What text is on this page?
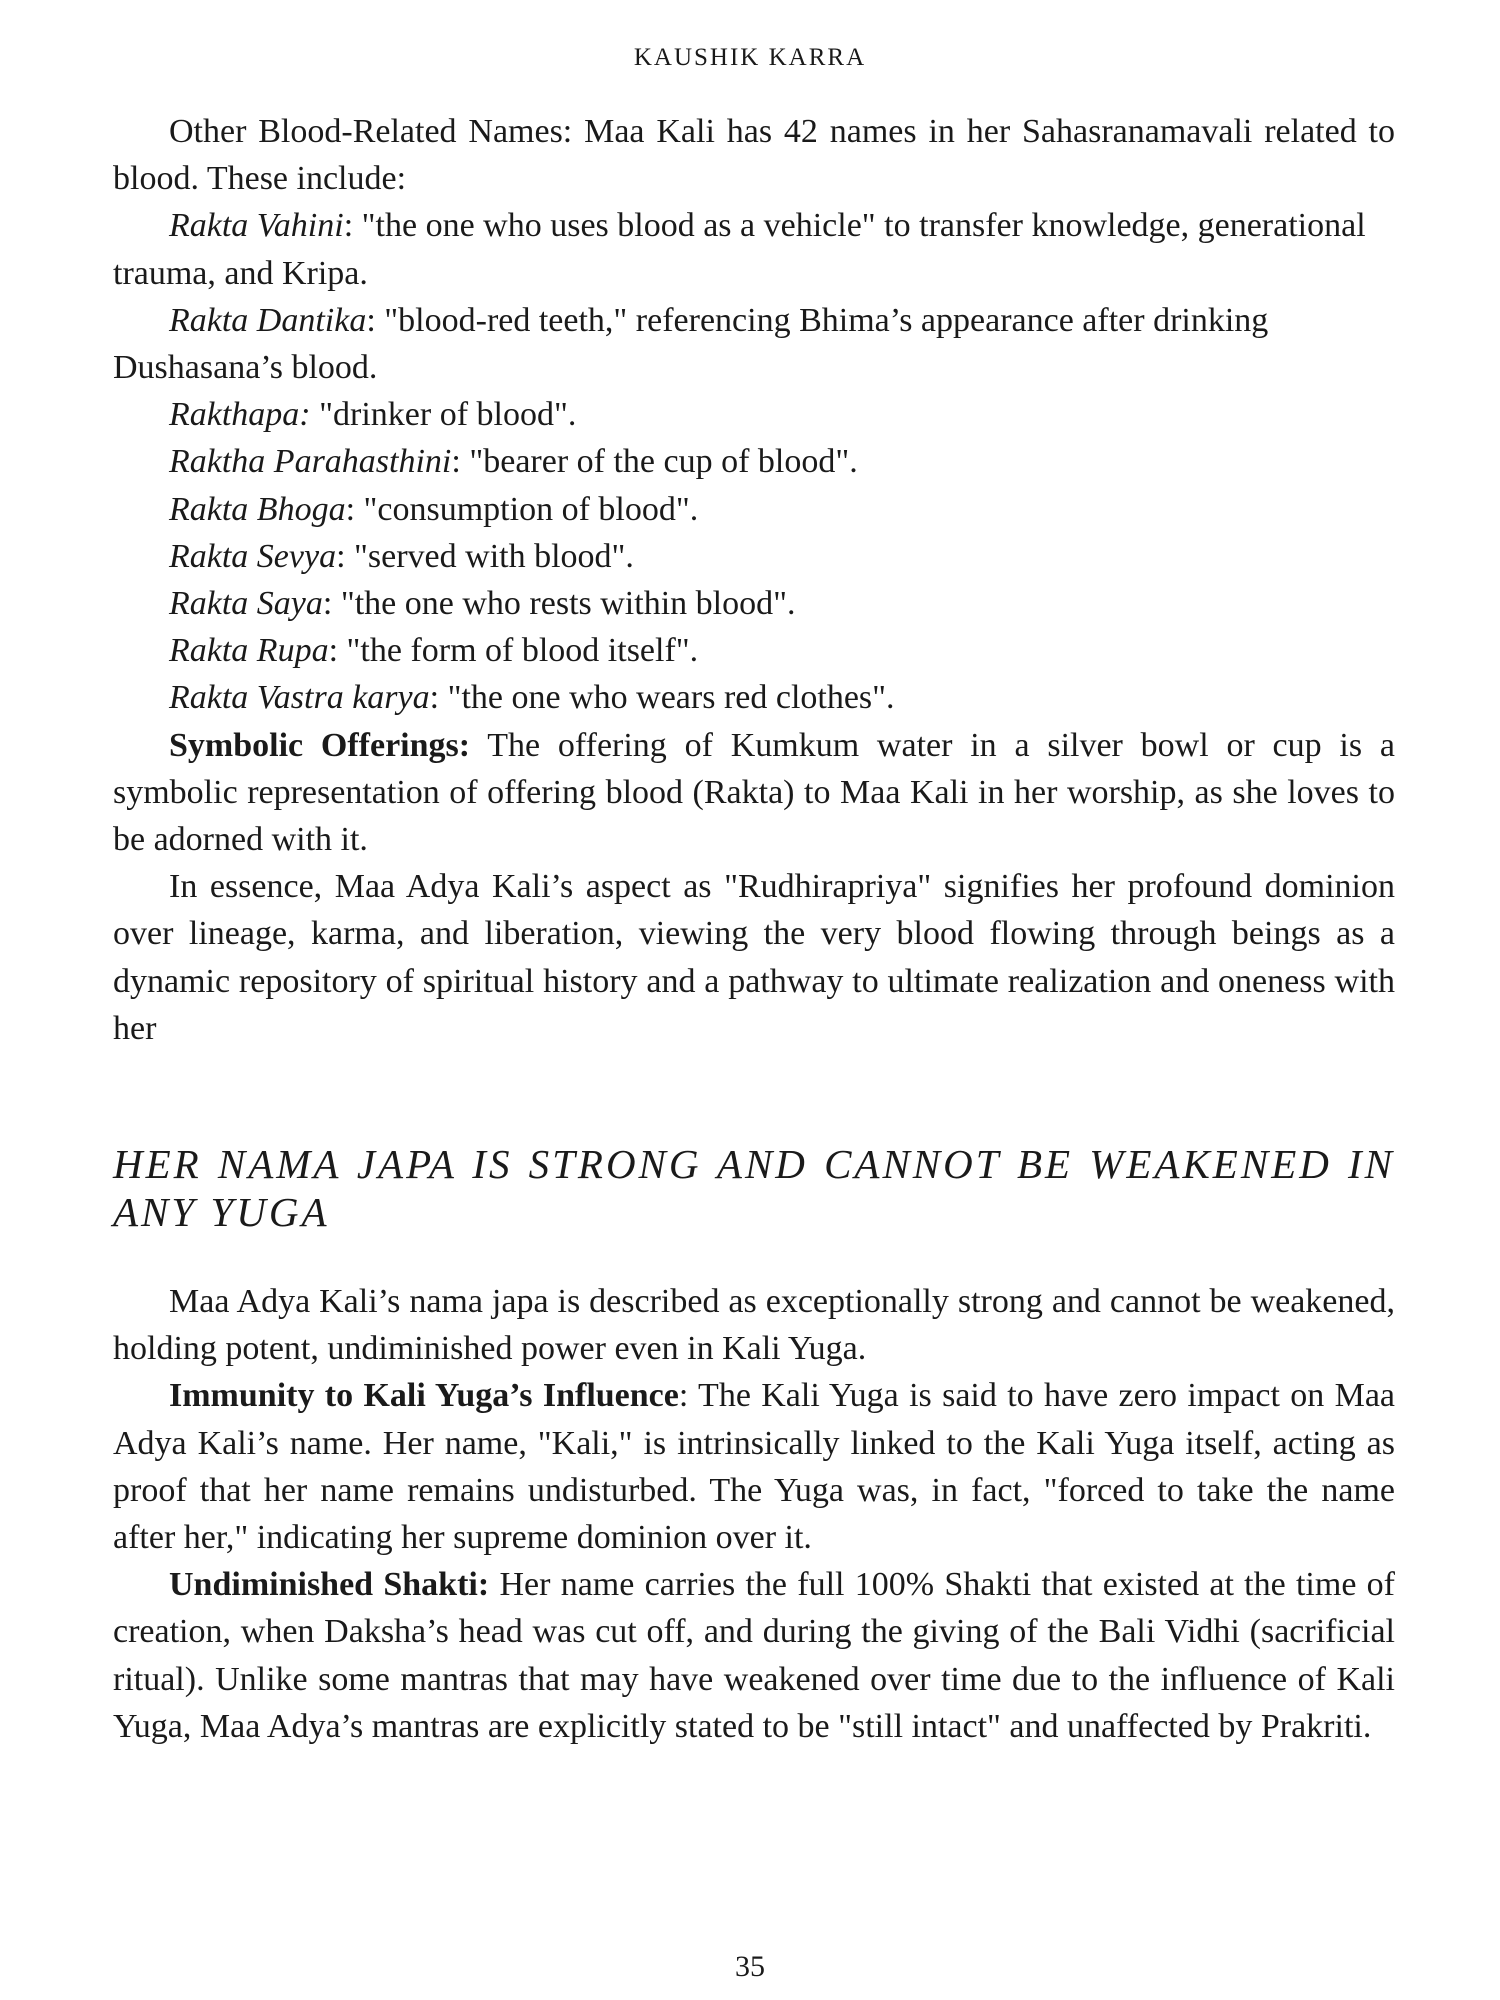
KAUSHIK KARRA

Other Blood-Related Names: Maa Kali has 42 names in her Sahasranamavali related to blood. These include:

Rakta Vahini: "the one who uses blood as a vehicle" to transfer knowledge, generational trauma, and Kripa.

Rakta Dantika: "blood-red teeth," referencing Bhima’s appearance after drinking Dushasana’s blood.

Rakthapa: "drinker of blood".

Raktha Parahasthini: "bearer of the cup of blood".

Rakta Bhoga: "consumption of blood".

Rakta Sevya: "served with blood".

Rakta Saya: "the one who rests within blood".

Rakta Rupa: "the form of blood itself".

Rakta Vastra karya: "the one who wears red clothes".

Symbolic Offerings: The offering of Kumkum water in a silver bowl or cup is a symbolic representation of offering blood (Rakta) to Maa Kali in her worship, as she loves to be adorned with it.

In essence, Maa Adya Kali’s aspect as "Rudhirapriya" signifies her profound dominion over lineage, karma, and liberation, viewing the very blood flowing through beings as a dynamic repository of spiritual history and a pathway to ultimate realization and oneness with her

HER NAMA JAPA IS STRONG AND CANNOT BE WEAKENED IN ANY YUGA

Maa Adya Kali’s nama japa is described as exceptionally strong and cannot be weakened, holding potent, undiminished power even in Kali Yuga.

Immunity to Kali Yuga’s Influence: The Kali Yuga is said to have zero impact on Maa Adya Kali’s name. Her name, "Kali," is intrinsically linked to the Kali Yuga itself, acting as proof that her name remains undisturbed. The Yuga was, in fact, "forced to take the name after her," indicating her supreme dominion over it.

Undiminished Shakti: Her name carries the full 100% Shakti that existed at the time of creation, when Daksha’s head was cut off, and during the giving of the Bali Vidhi (sacrificial ritual). Unlike some mantras that may have weakened over time due to the influence of Kali Yuga, Maa Adya’s mantras are explicitly stated to be "still intact" and unaffected by Prakriti.

35
